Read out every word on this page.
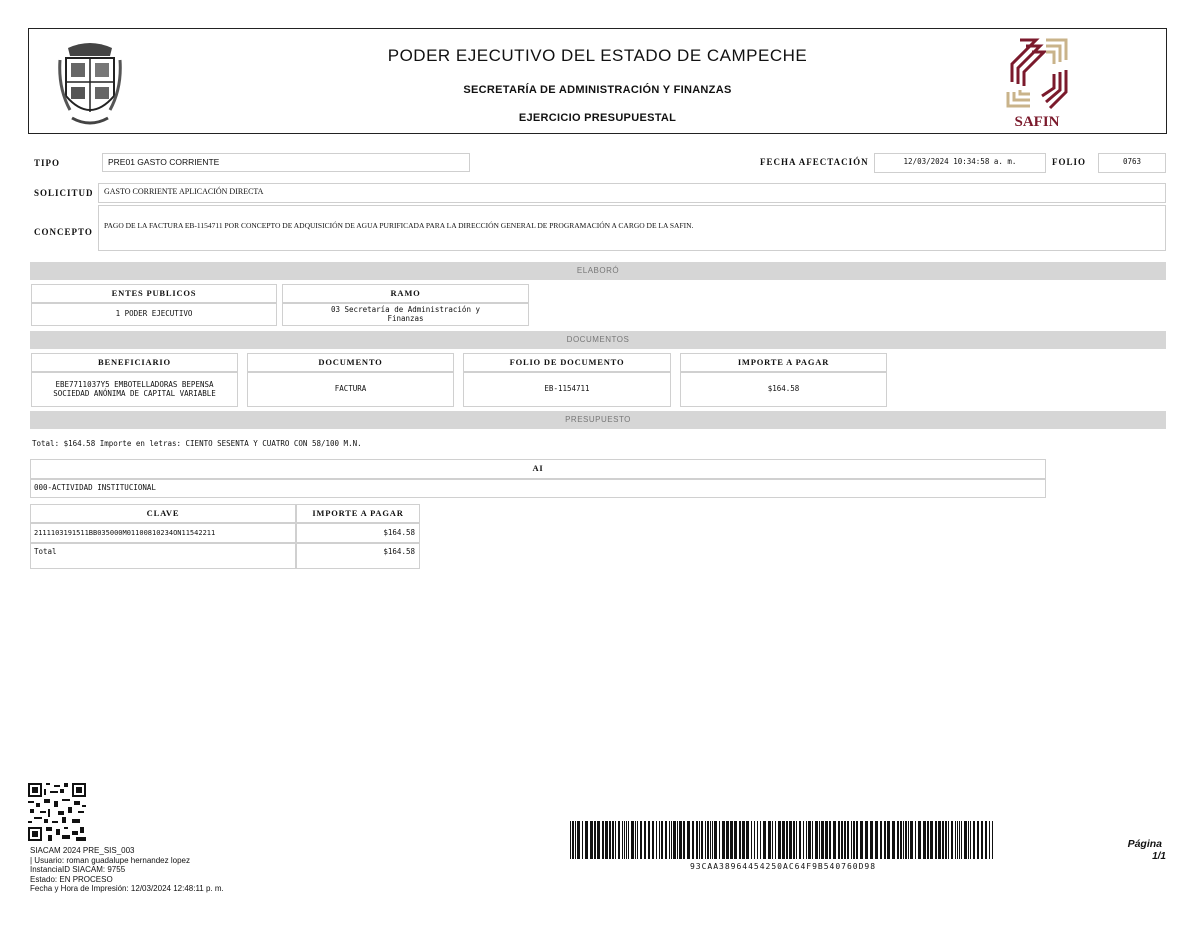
PODER EJECUTIVO DEL ESTADO DE CAMPECHE
SECRETARÍA DE ADMINISTRACIÓN Y FINANZAS
EJERCICIO PRESUPUESTAL	SAFIN
TIPO	PRE01 GASTO CORRIENTE	FECHA AFECTACIÓN	12/03/2024 10:34:58 a. m.	FOLIO	0763
SOLICITUD	GASTO CORRIENTE APLICACIÓN DIRECTA
CONCEPTO
PAGO DE LA FACTURA EB-1154711 POR CONCEPTO DE ADQUISICIÓN DE AGUA PURIFICADA PARA LA DIRECCIÓN GENERAL DE PROGRAMACIÓN A CARGO DE LA SAFIN.
ELABORÓ
ENTES PUBLICOS	RAMO
1 PODER EJECUTIVO	03 Secretaría de Administración y Finanzas
DOCUMENTOS
BENEFICIARIO	DOCUMENTO	FOLIO DE DOCUMENTO	IMPORTE A PAGAR
EBE7711037Y5 EMBOTELLADORAS BEPENSA SOCIEDAD ANÓNIMA DE CAPITAL VARIABLE	FACTURA	EB-1154711	$164.58
PRESUPUESTO
Total: $164.58 Importe en letras: CIENTO SESENTA Y CUATRO CON 58/100 M.N.
AI
000-ACTIVIDAD INSTITUCIONAL
CLAVE	IMPORTE A PAGAR
2111103191511BB035000M01100810234ON11542211	$164.58
Total	$164.58
SIACAM 2024 PRE_SIS_003
| Usuario: roman guadalupe hernandez lopez
InstanciaID SIACAM: 9755
Estado: EN PROCESO
Fecha y Hora de Impresión: 12/03/2024 12:48:11 p. m.
93CAA38964454250AC64F9B540760D98
Página
1/1
